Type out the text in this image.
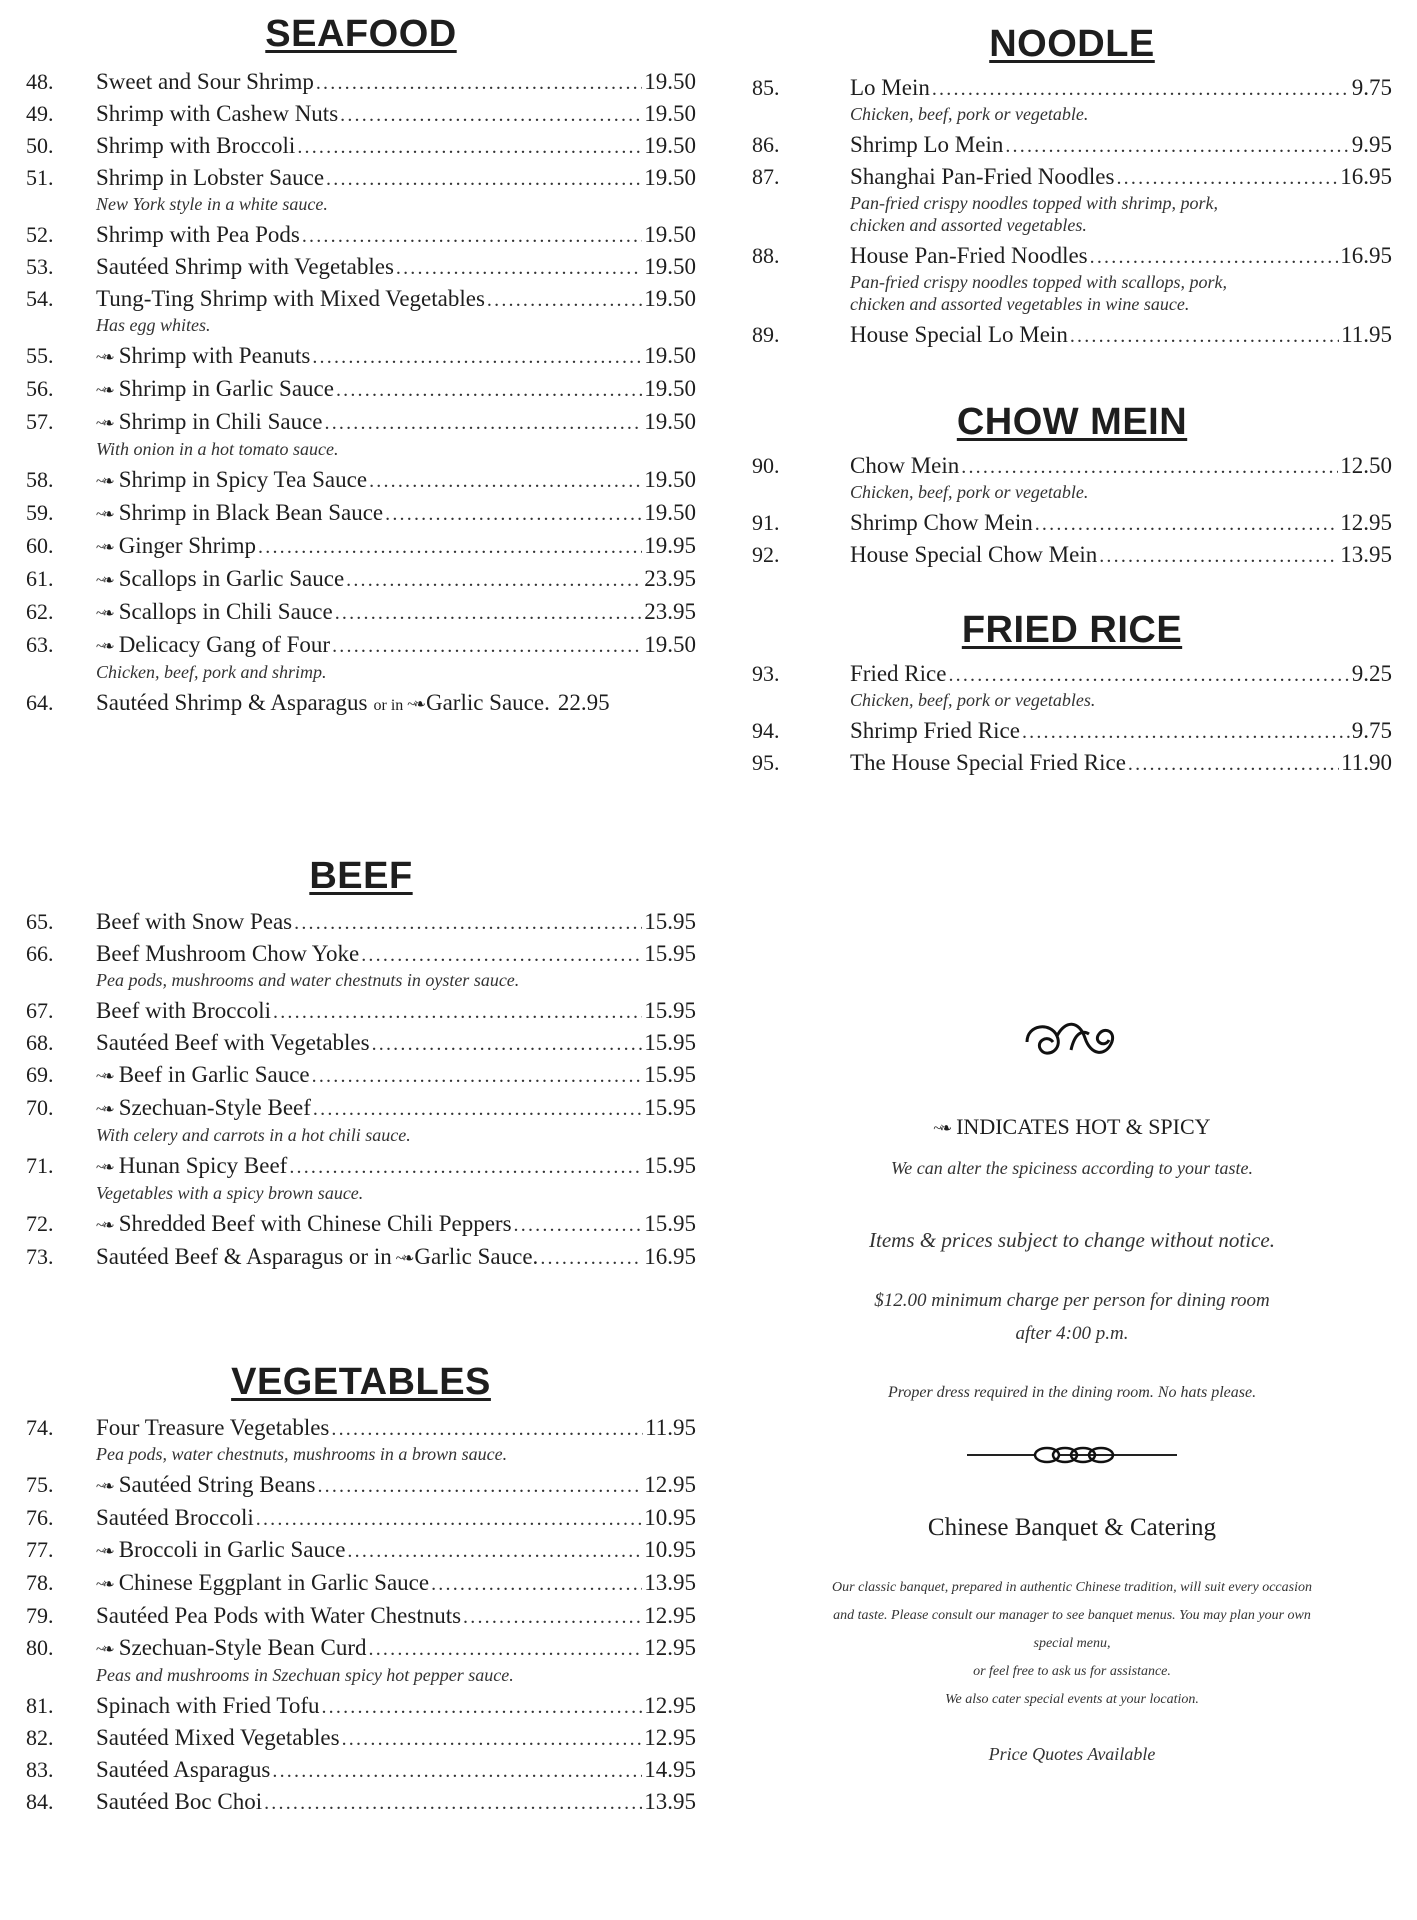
SEAFOOD
48. Sweet and Sour Shrimp .....	19.50
49. Shrimp with Cashew Nuts .....	19.50
50. Shrimp with Broccoli .....	19.50
51. Shrimp in Lobster Sauce .....	19.50
New York style in a white sauce.
52. Shrimp with Pea Pods .....	19.50
53. Sautéed Shrimp with Vegetables .....	19.50
54. Tung-Ting Shrimp with Mixed Vegetables .....	19.50
Has egg whites.
55.	~❧ Shrimp with Peanuts .....	19.50
56.	~❧ Shrimp in Garlic Sauce .....	19.50
57.	~❧ Shrimp in Chili Sauce .....	19.50
With onion in a hot tomato sauce.
58.	~❧ Shrimp in Spicy Tea Sauce .....	19.50
59.	~❧ Shrimp in Black Bean Sauce .....	19.50
60.	~❧ Ginger Shrimp .....	19.95
61.	~❧ Scallops in Garlic Sauce .....	23.95
62.	~❧ Scallops in Chili Sauce .....	23.95
63.	~❧ Delicacy Gang of Four .....	19.50
Chicken, beef, pork and shrimp.
64. Sautéed Shrimp & Asparagus or in ~❧Garlic Sauce. 22.95
BEEF
65. Beef with Snow Peas .....	15.95
66. Beef Mushroom Chow Yoke .....	15.95
Pea pods, mushrooms and water chestnuts in oyster sauce.
67. Beef with Broccoli .....	15.95
68. Sautéed Beef with Vegetables .....	15.95
69.	~❧ Beef in Garlic Sauce .....	15.95
70.	~❧ Szechuan-Style Beef .....	15.95
With celery and carrots in a hot chili sauce.
71.	~❧ Hunan Spicy Beef .....	15.95
Vegetables with a spicy brown sauce.
72.	~❧ Shredded Beef with Chinese Chili Peppers .....	15.95
73. Sautéed Beef & Asparagus or in ~❧Garlic Sauce. .....	16.95
VEGETABLES
74. Four Treasure Vegetables .....	11.95
Pea pods, water chestnuts, mushrooms in a brown sauce.
75.	~❧ Sautéed String Beans .....	12.95
76. Sautéed Broccoli .....	10.95
77.	~❧ Broccoli in Garlic Sauce .....	10.95
78.	~❧ Chinese Eggplant in Garlic Sauce .....	13.95
79. Sautéed Pea Pods with Water Chestnuts .....	12.95
80.	~❧ Szechuan-Style Bean Curd .....	12.95
Peas and mushrooms in Szechuan spicy hot pepper sauce.
81. Spinach with Fried Tofu .....	12.95
82. Sautéed Mixed Vegetables .....	12.95
83. Sautéed Asparagus .....	14.95
84. Sautéed Boc Choi .....	13.95
NOODLE
85.	Lo Mein .....	9.75
Chicken, beef, pork or vegetable.
86.	Shrimp Lo Mein .....	9.95
87.	Shanghai Pan-Fried Noodles .....	16.95
Pan-fried crispy noodles topped with shrimp, pork,
chicken and assorted vegetables.
88.	House Pan-Fried Noodles .....	16.95
Pan-fried crispy noodles topped with scallops, pork,
chicken and assorted vegetables in wine sauce.
89.	House Special Lo Mein .....	11.95
CHOW MEIN
90.	Chow Mein .....	12.50
Chicken, beef, pork or vegetable.
91.	Shrimp Chow Mein .....	12.95
92.	House Special Chow Mein .....	13.95
FRIED RICE
93.	Fried Rice .....	9.25
Chicken, beef, pork or vegetables.
94.	Shrimp Fried Rice .....	9.75
95.	The House Special Fried Rice .....	11.90
~❧ INDICATES HOT & SPICY
We can alter the spiciness according to your taste.
Items & prices subject to change without notice.
$12.00 minimum charge per person for dining room
after 4:00 p.m.
Proper dress required in the dining room. No hats please.
Chinese Banquet & Catering
Our classic banquet, prepared in authentic Chinese tradition, will suit every occasion
and taste. Please consult our manager to see banquet menus. You may plan your own
special menu,
or feel free to ask us for assistance.
We also cater special events at your location.
Price Quotes Available
